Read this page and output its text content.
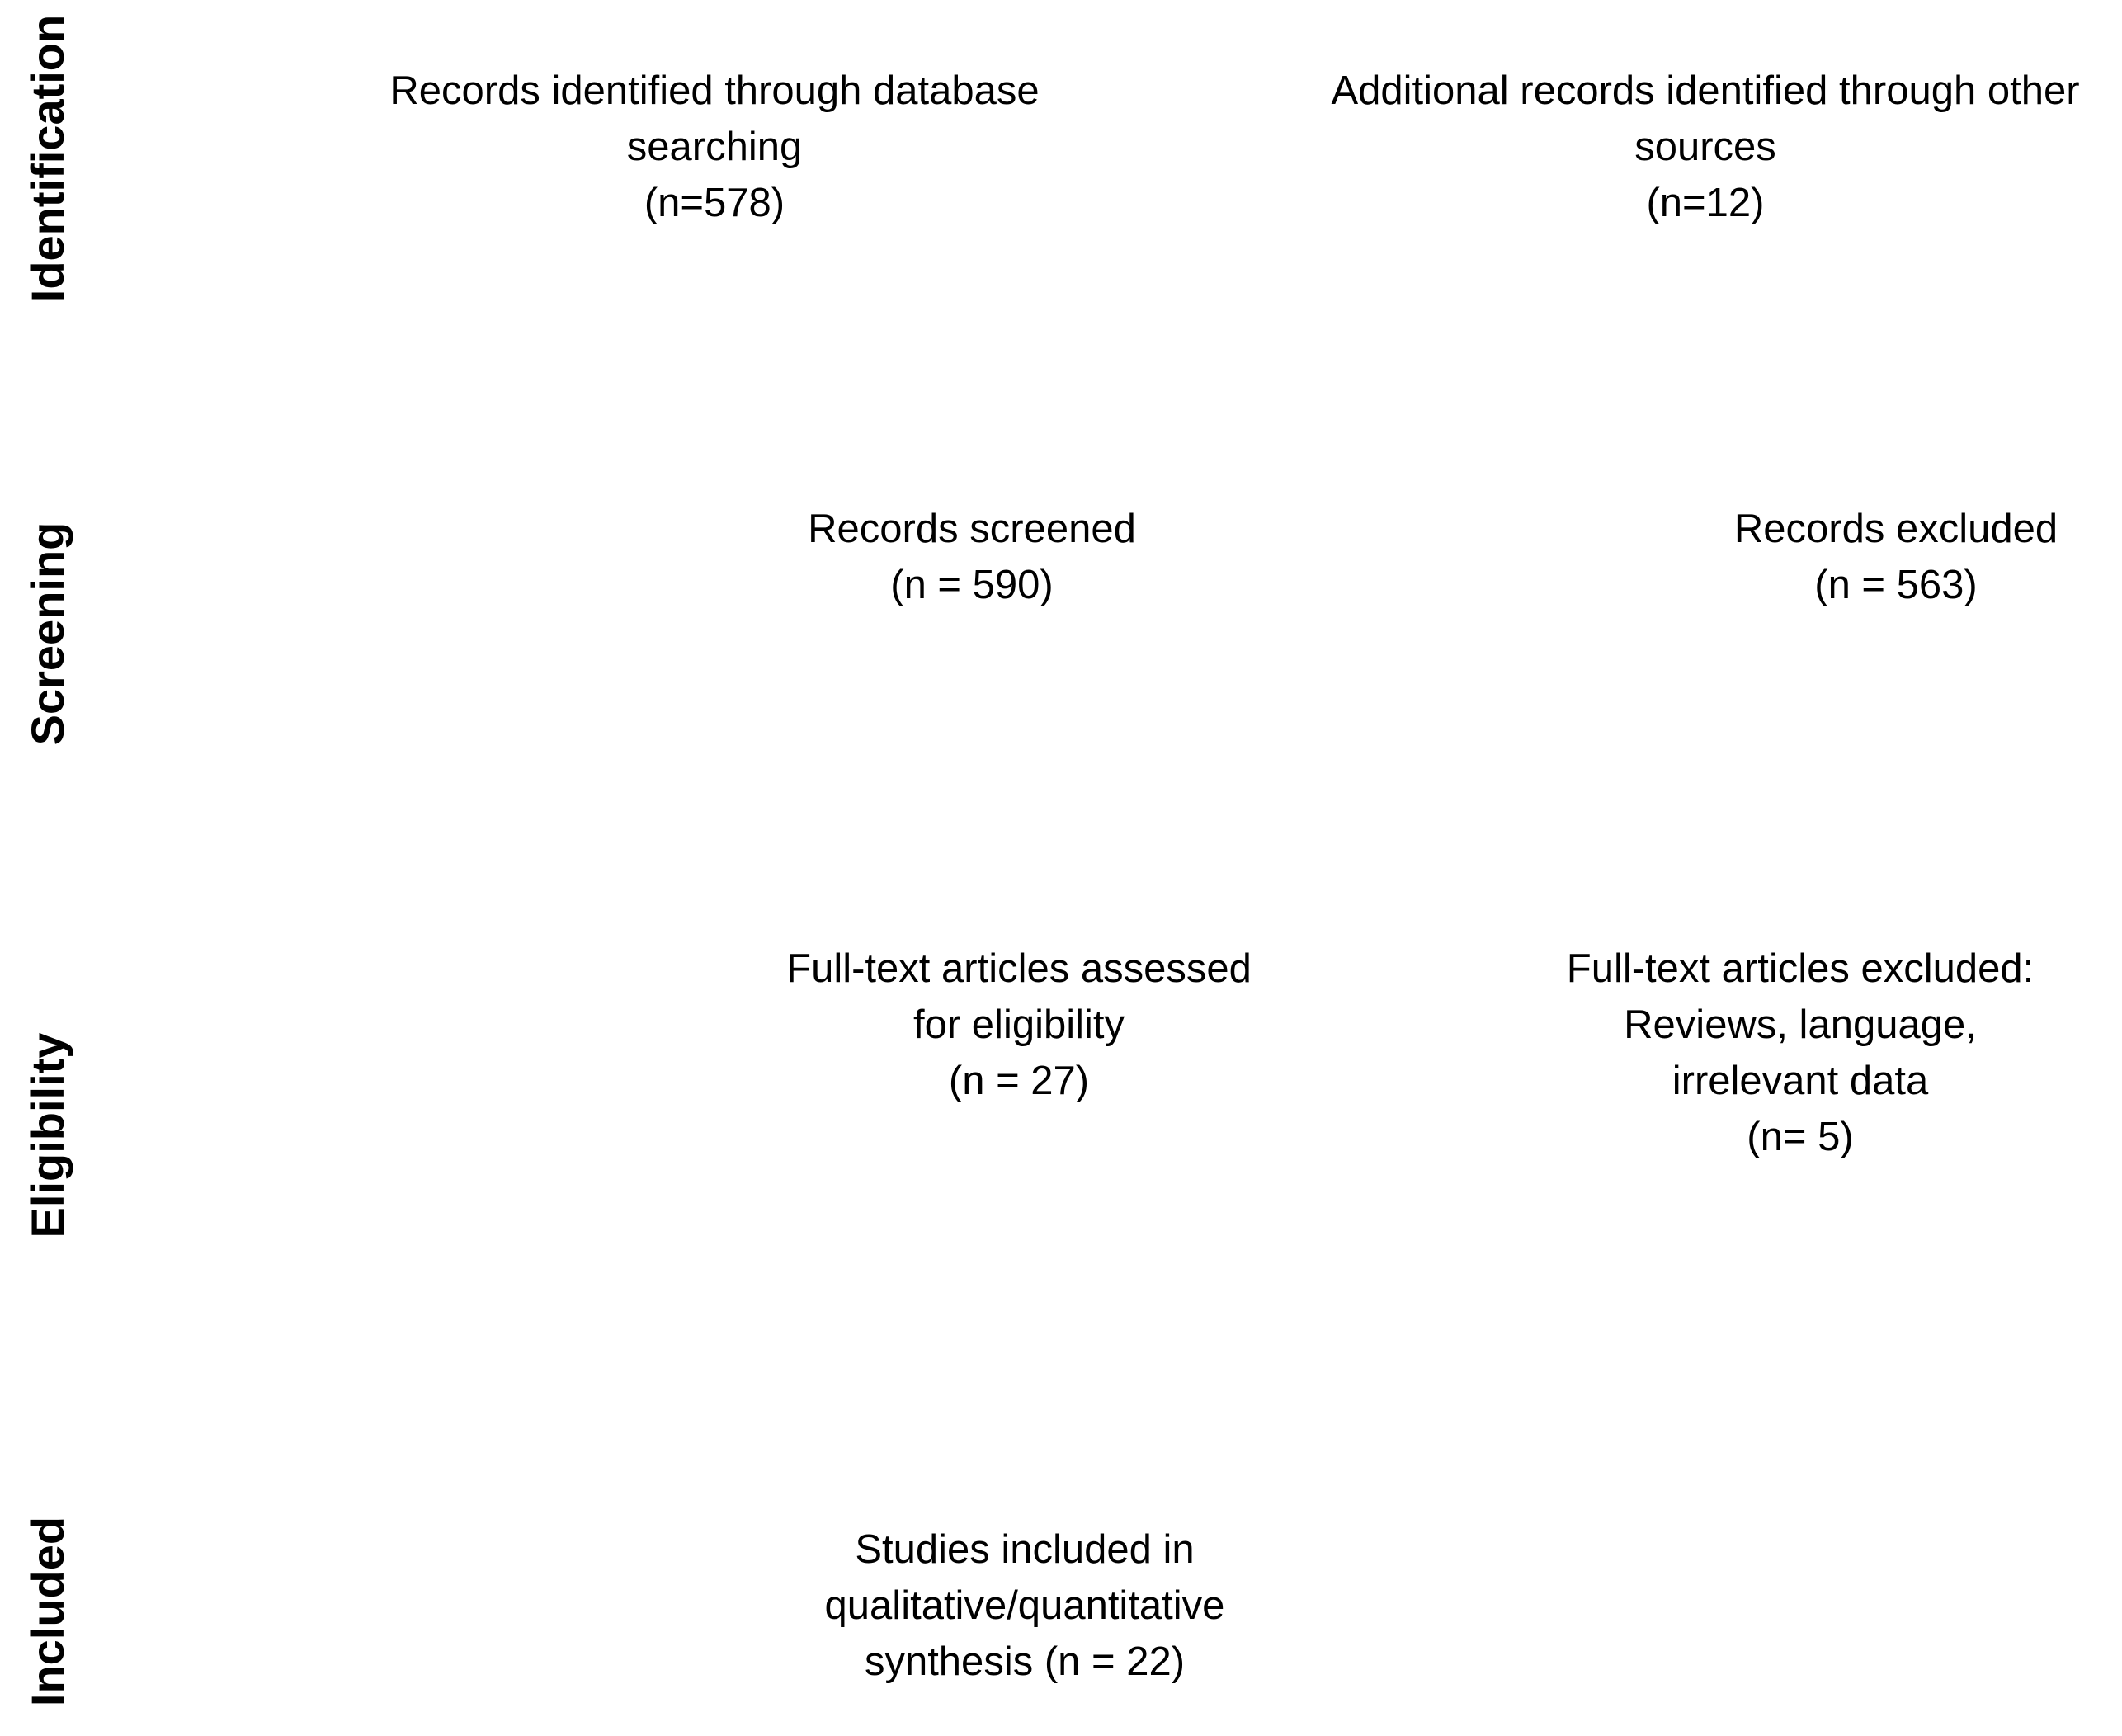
Identification
Screening
Eligibility
Included
Records identified through database
searching
(n=578)
Additional records identified through other
sources
(n=12)
Records screened
(n = 590)
Records excluded
(n = 563)
Full-text articles assessed
for eligibility
(n = 27)
Full-text articles excluded:
Reviews, language,
irrelevant data
(n= 5)
Studies included in
qualitative/quantitative
synthesis (n = 22)
